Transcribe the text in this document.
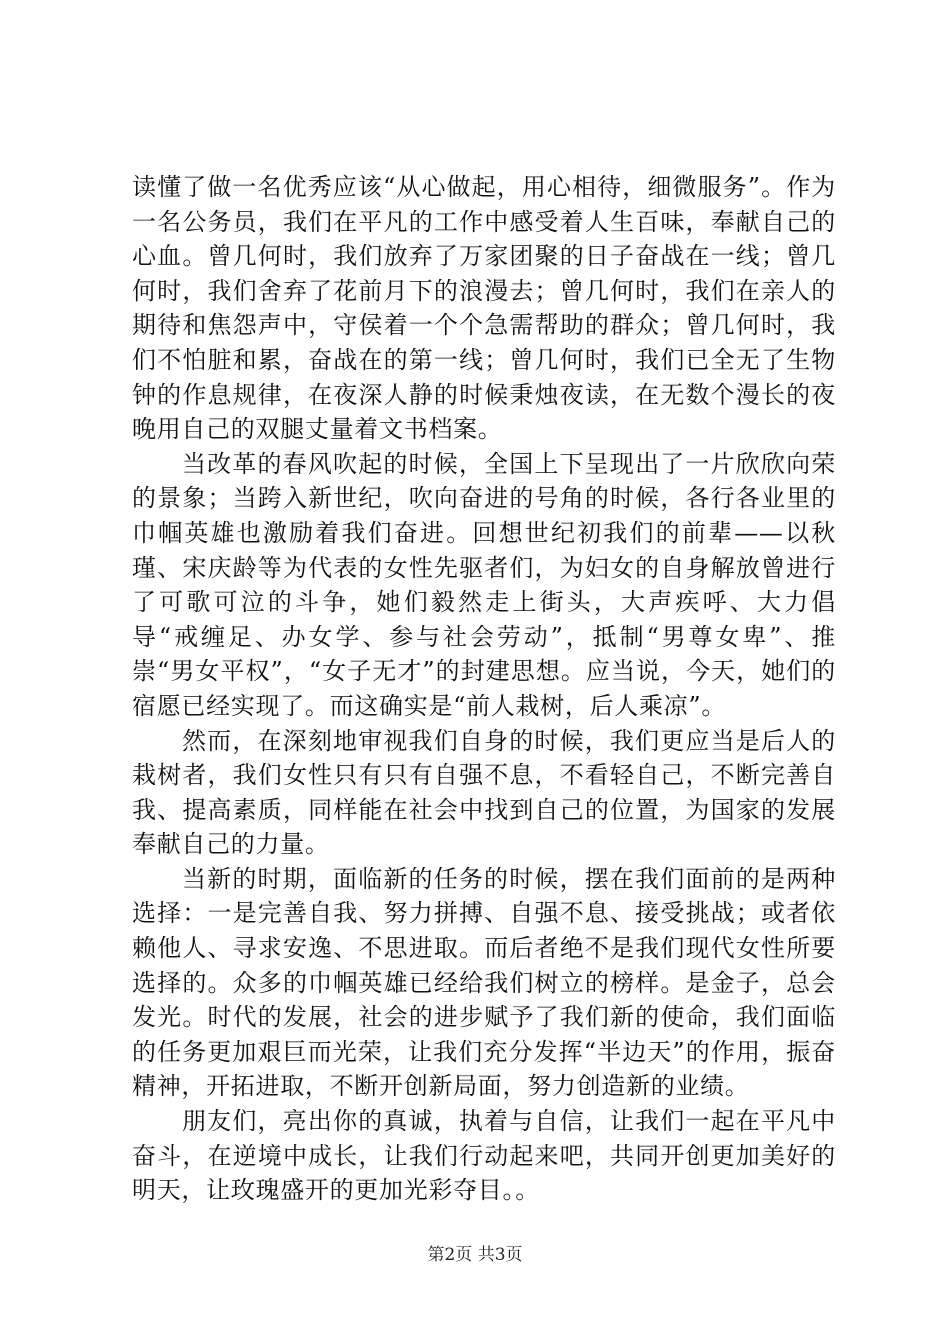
读懂了做一名优秀应该“从心做起，用心相待，细微服务”。作为一名公务员，我们在平凡的工作中感受着人生百味，奉献自己的心血。曾几何时，我们放弃了万家团聚的日子奋战在一线；曾几何时，我们舍弃了花前月下的浪漫去；曾几何时，我们在亲人的期待和焦怨声中，守侯着一个个急需帮助的群众；曾几何时，我们不怕脏和累，奋战在的第一线；曾几何时，我们已全无了生物钟的作息规律，在夜深人静的时候秉烛夜读，在无数个漫长的夜晚用自己的双腿丈量着文书档案。

当改革的春风吹起的时候，全国上下呈现出了一片欣欣向荣的景象；当跨入新世纪，吹向奋进的号角的时候，各行各业里的巾帼英雄也激励着我们奋进。回想世纪初我们的前辈——以秋瑾、宋庆龄等为代表的女性先驱者们，为妇女的自身解放曾进行了可歌可泣的斗争，她们毅然走上街头，大声疾呼、大力倡导“戒缠足、办女学、参与社会劳动”，抵制“男尊女卑”、推崇“男女平权”，“女子无才”的封建思想。应当说，今天，她们的宿愿已经实现了。而这确实是“前人栽树，后人乘凉”。

然而，在深刻地审视我们自身的时候，我们更应当是后人的栽树者，我们女性只有只有自强不息，不看轻自己，不断完善自我、提高素质，同样能在社会中找到自己的位置，为国家的发展奉献自己的力量。

当新的时期，面临新的任务的时候，摆在我们面前的是两种选择：一是完善自我、努力拼搏、自强不息、接受挑战；或者依赖他人、寻求安逸、不思进取。而后者绝不是我们现代女性所要选择的。众多的巾帼英雄已经给我们树立的榜样。是金子，总会发光。时代的发展，社会的进步赋予了我们新的使命，我们面临的任务更加艰巨而光荣，让我们充分发挥“半边天”的作用，振奋精神，开拓进取，不断开创新局面，努力创造新的业绩。

朋友们，亮出你的真诚，执着与自信，让我们一起在平凡中奋斗，在逆境中成长，让我们行动起来吧，共同开创更加美好的明天，让玫瑰盛开的更加光彩夺目。。

第2页 共3页
